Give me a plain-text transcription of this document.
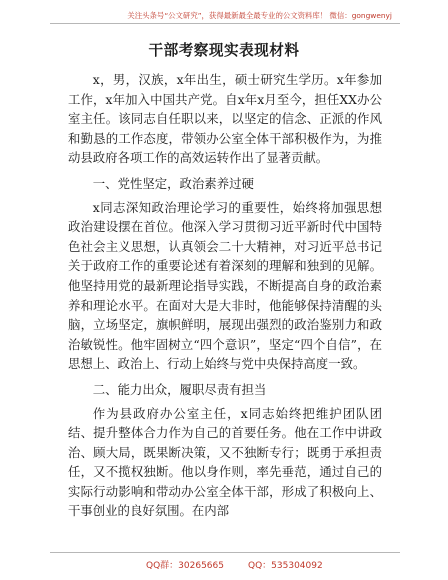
关注头条号“公文研究”，获得最新最全最专业的公文资料库！ 微信：gongwenyj
干部考察现实表现材料

x，男，汉族，x年出生，硕士研究生学历。x年参加工作，x年加入中国共产党。自x年x月至今，担任XX办公室主任。该同志自任职以来，以坚定的信念、正派的作风和勤恳的工作态度，带领办公室全体干部积极作为，为推动县政府各项工作的高效运转作出了显著贡献。

一、党性坚定，政治素养过硬

x同志深知政治理论学习的重要性，始终将加强思想政治建设摆在首位。他深入学习贯彻习近平新时代中国特色社会主义思想，认真领会二十大精神，对习近平总书记关于政府工作的重要论述有着深刻的理解和独到的见解。他坚持用党的最新理论指导实践，不断提高自身的政治素养和理论水平。在面对大是大非时，他能够保持清醒的头脑，立场坚定，旗帜鲜明，展现出强烈的政治鉴别力和政治敏锐性。他牢固树立“四个意识”，坚定“四个自信”，在思想上、政治上、行动上始终与党中央保持高度一致。

二、能力出众，履职尽责有担当

作为县政府办公室主任，x同志始终把维护团队团结、提升整体合力作为自己的首要任务。他在工作中讲政治、顾大局，既果断决策，又不独断专行；既勇于承担责任，又不揽权独断。他以身作则，率先垂范，通过自己的实际行动影响和带动办公室全体干部，形成了积极向上、干事创业的良好氛围。在内部

QQ群：30265665	QQ：535304092
